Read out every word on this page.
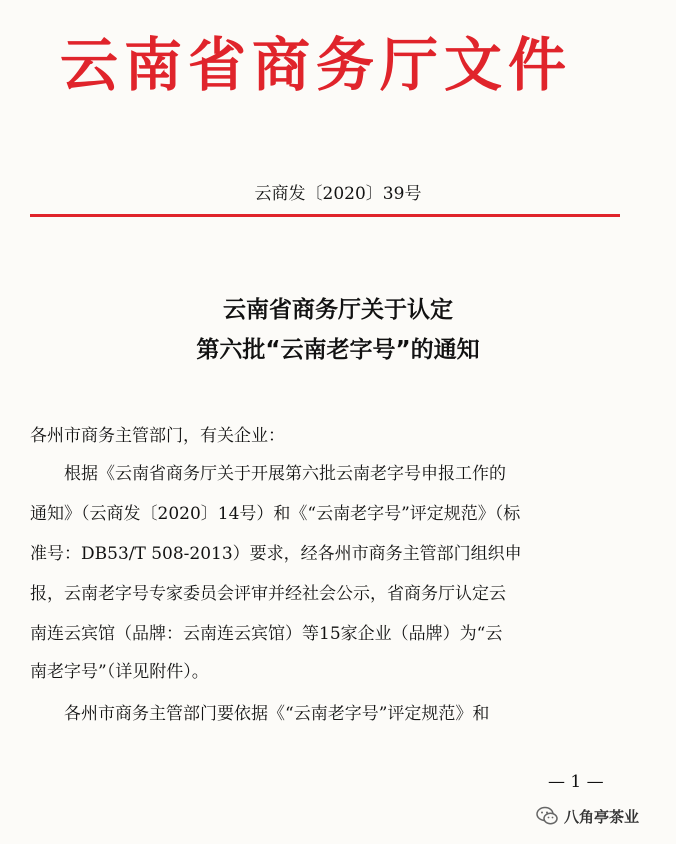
云南省商务厅文件
云商发〔2020〕39号
云南省商务厅关于认定
第六批“云南老字号”的通知
各州市商务主管部门，有关企业：
　　根据《云南省商务厅关于开展第六批云南老字号申报工作的
通知》（云商发〔2020〕14号）和《“云南老字号”评定规范》（标
准号：DB53/T 508-2013）要求，经各州市商务主管部门组织申
报，云南老字号专家委员会评审并经社会公示，省商务厅认定云
南连云宾馆（品牌：云南连云宾馆）等15家企业（品牌）为“云
南老字号”（详见附件）。
　　各州市商务主管部门要依据《“云南老字号”评定规范》和
— 1 —
八角亭茶业
